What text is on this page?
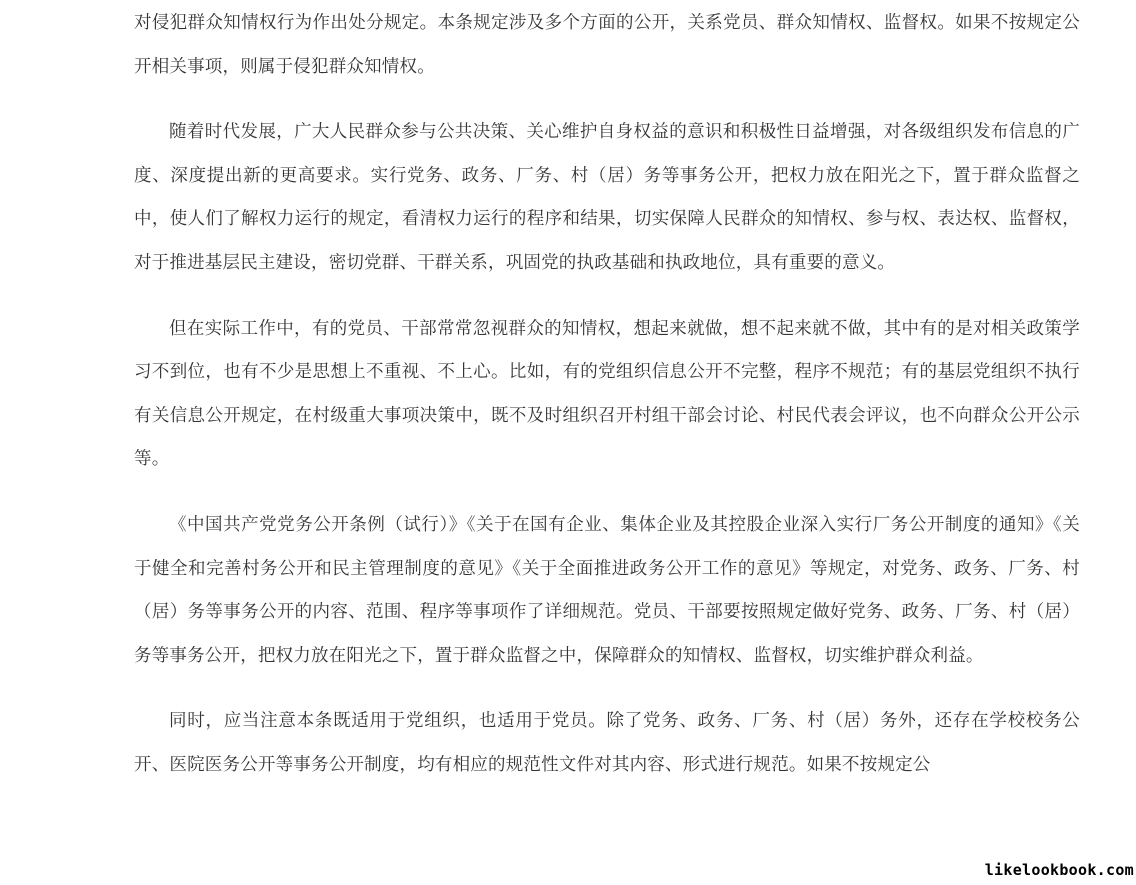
对侵犯群众知情权行为作出处分规定。本条规定涉及多个方面的公开，关系党员、群众知情权、监督权。如果不按规定公开相关事项，则属于侵犯群众知情权。

随着时代发展，广大人民群众参与公共决策、关心维护自身权益的意识和积极性日益增强，对各级组织发布信息的广度、深度提出新的更高要求。实行党务、政务、厂务、村（居）务等事务公开，把权力放在阳光之下，置于群众监督之中，使人们了解权力运行的规定，看清权力运行的程序和结果，切实保障人民群众的知情权、参与权、表达权、监督权，对于推进基层民主建设，密切党群、干群关系，巩固党的执政基础和执政地位，具有重要的意义。

但在实际工作中，有的党员、干部常常忽视群众的知情权，想起来就做，想不起来就不做，其中有的是对相关政策学习不到位，也有不少是思想上不重视、不上心。比如，有的党组织信息公开不完整，程序不规范；有的基层党组织不执行有关信息公开规定，在村级重大事项决策中，既不及时组织召开村组干部会讨论、村民代表会评议，也不向群众公开公示等。

《中国共产党党务公开条例（试行）》《关于在国有企业、集体企业及其控股企业深入实行厂务公开制度的通知》《关于健全和完善村务公开和民主管理制度的意见》《关于全面推进政务公开工作的意见》等规定，对党务、政务、厂务、村（居）务等事务公开的内容、范围、程序等事项作了详细规范。党员、干部要按照规定做好党务、政务、厂务、村（居）务等事务公开，把权力放在阳光之下，置于群众监督之中，保障群众的知情权、监督权，切实维护群众利益。

同时，应当注意本条既适用于党组织，也适用于党员。除了党务、政务、厂务、村（居）务外，还存在学校校务公开、医院医务公开等事务公开制度，均有相应的规范性文件对其内容、形式进行规范。如果不按规定公

likelookbook.com
